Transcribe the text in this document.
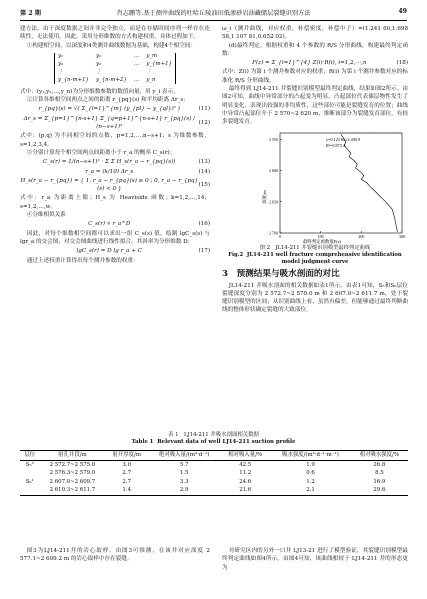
第 2 期	肖志鹏等.基于测井曲线的吐哈丘陵油田低渗砂岩油藏储层裂缝识别方法	49

建方法，由于深度数据之间并非完全独立，而是在存储时间序列一样存在连续性，无法使用。因此，采用分形维数的方式构建权重，具体过程如下。

①构建相空间。以深度和4类测井曲线数据为基础，构建4个相空间：

y₁	y₂	… y_m
y₂	y₃	… y_{m+1}
⋮	⋮	⋮
y_{n-m+1} y_{n-m+2} … y_n

式中：(y₁,y₂,…,y_n)为分形维数参数的数值向量，用 y_i 表示。

②计算各维相空间两点之间的距离 r_{pq}(s) 和平均距离 Δr_s：

r_{pq}(s) = √( Σ_{l=1}^{m} (y_{pl} − y_{ql})² )	(11)
Δr_s = Σ_{p=1}^{n-s+1} Σ_{q=p+1}^{n-s+1} r_{pq}(s) / (n−s+1)²
(12)

式中：(p,q) 为不同相空间的点数，p=1,2,…,n−s+1；s 为维数参数，s=1,2,3,4。

③分别计算每个相空间两点间距离小于 r_a 的概率 C_s(r)：

C_s(r) = 1/(n−s+1)² · Σ Σ H_s(r_a − r_{pq}(s))	(13)
r_a = (k/10) Δr_s	(14)
H_s(r_a − r_{pq}) = { 1, r_a − r_{pq}(s) ≥ 0 ; 0, r_a − r_{pq}(s) < 0 }
(15)

式中：r_a 为距离上限；H_s 为 Heaviside 函数；k=1,2,…,14；s=1,2,…,w。

④分维相似关系

C_s(r) ∝ r_a^D	(16)

因此，对每个维数相空间都可以求出一组 C_s(s) 值，绘制 lgC_s(s) 与 lgr_a 的交会图，对交会图曲线进行线性拟合，其斜率为分形维数 D：

lgC_s(r) = D lg r_a + C	(17)

通过上述权重计算得出每个测井参数的权重：

ω_i（测井曲线，对应权重，补偿密度，补偿中子）=(1.241 60,1.698 58,1.107 81,0.652 02)。

(d)最终判定。根据权重和 4 个参数的 R/S 分形曲线，构建最终判定函数：

F(z) = Σ_{i=1}^{4} Z(i)·R(i), i=1,2,⋯,n	(18)

式中：Z(i) 为第 i 个测井参数对应的权重；R(i) 为第 i 个测井参数对应的标准化 R/S 分形曲线。

最终得到 LJ14-211 井裂缝识别模型最终判定曲线，结果如图2所示。由图2可知，曲线中异常部分的凸起变为明显，凸起部位代表储层物性发生了明显变化，表现出较强的非均质性，这些部位可能是裂缝发育的位置；曲线中异常凸起部位介于 2 570~2 620 m，推断该部分为裂缝发育部位，有较多裂缝发育。

2 550
2 600
2 650
2 700
0	100	200	300
y=0.123 8x+2 490.9
R²=0.873 4
深度/m
最终判定函数值F(z)
图 2　JL14-211 井裂缝识别模型最终判定曲线
Fig.2 JL14-211 well fracture comprehensive identification model judgment curve
3　预测结果与吸水剖面的对比

JL14-211 井吸水剖面的相关数据如表1所示。由表1可知，S₅和S₆层位裂缝深度分别为 2 572.7~2 579.0 m 和 2 607.0~2 611.7 m，处于裂缝识别模型的区间；从识别曲线上看，虽然有偏差，但能够通过最终判断曲线的整体形状确定裂缝的大致部位。

表 1　LJ14-211 井吸水剖面相关数据
Table 1 Relevant data of well LJ14-211 suction profile
层位	射孔井段/m	射开厚度/m	绝对吸入量/(m³·d⁻¹)	相对吸入量/%	吸水强度/(m³·d⁻¹·m⁻¹)	相对吸水强度/%
S₅³	2 572.7~2 575.0	3.0	5.7	42.5	1.9	26.8
	2 576.3~2 579.0	2.7	1.5	11.2	0.6	8.5
S₆¹	2 607.0~2 609.7	2.7	3.3	24.6	1.2	16.9
	2 610.3~2 611.7	1.4	2.9	21.6	2.1	29.6
图3为LJ14-211井的岩心取样。由图3可推测，在该井对应深度 2 577.1~2 609.2 m 的岩心取样中存在裂缝。
对研究区内的另外一口井 LJ13-21 进行了模型验证，其裂缝识别模型最终判定曲线如图4所示。由图4可知，该曲线相较于 LJ14-211 井的形态更为
